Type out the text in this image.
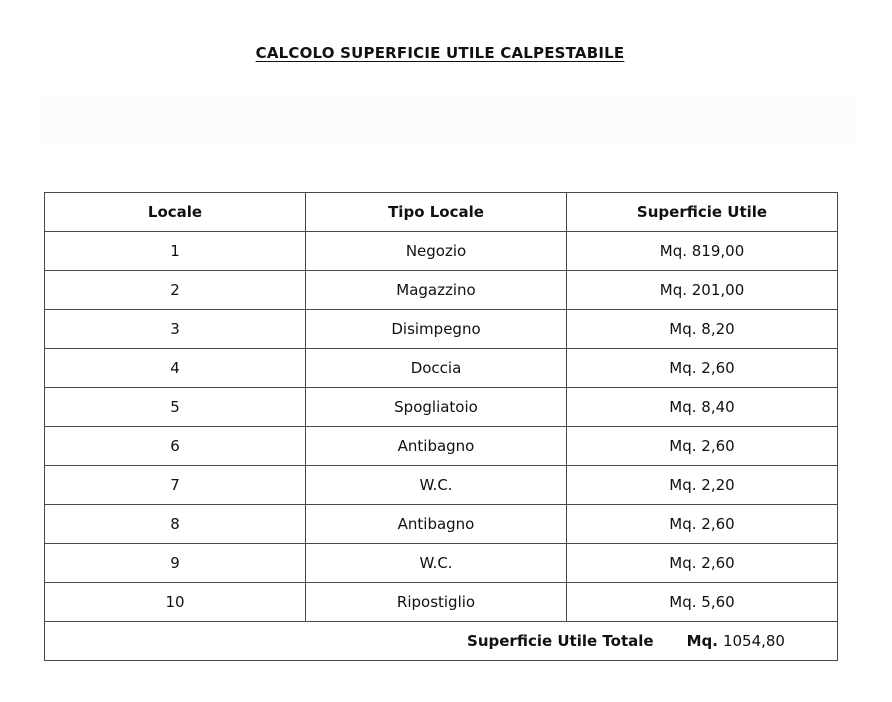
CALCOLO SUPERFICIE UTILE CALPESTABILE
Locale	Tipo Locale	Superficie Utile
1	Negozio	Mq. 819,00
2	Magazzino	Mq. 201,00
3	Disimpegno	Mq. 8,20
4	Doccia	Mq. 2,60
5	Spogliatoio	Mq. 8,40
6	Antibagno	Mq. 2,60
7	W.C.	Mq. 2,20
8	Antibagno	Mq. 2,60
9	W.C.	Mq. 2,60
10	Ripostiglio	Mq. 5,60
Superficie Utile Totale Mq. 1054,80		
